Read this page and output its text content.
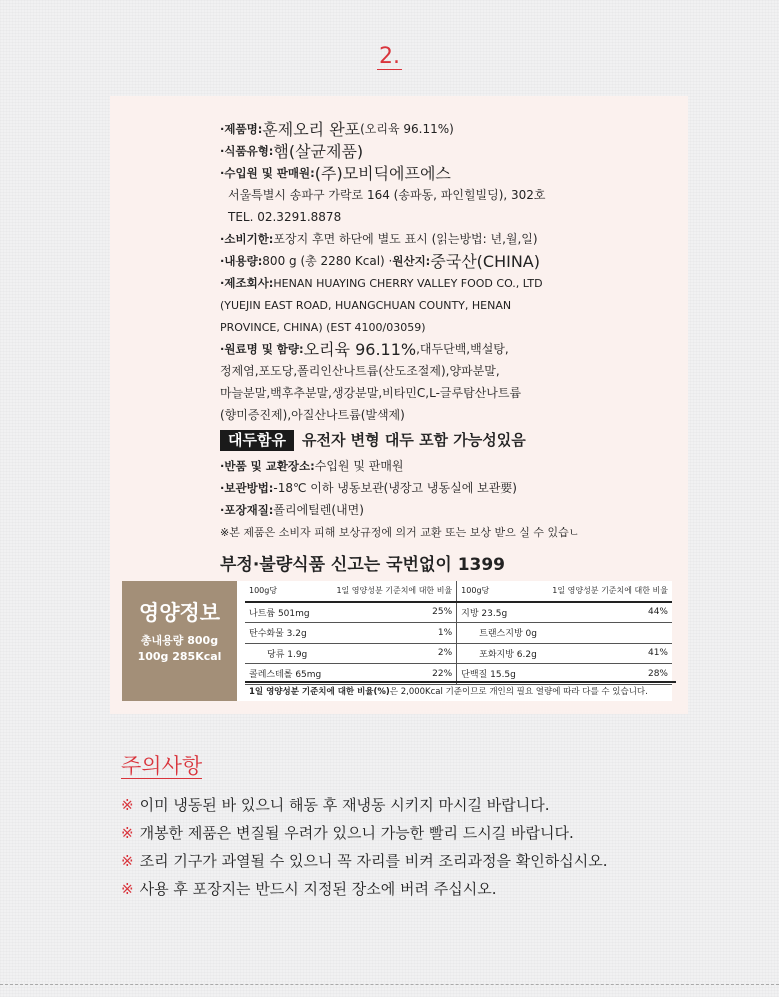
2.
·제품명: 훈제오리 완포 (오리육 96.11%)
·식품유형: 햄(살균제품)
·수입원 및 판매원: (주)모비딕에프에스
서울특별시 송파구 가락로 164 (송파동, 파인힐빌딩), 302호
TEL. 02.3291.8878
·소비기한: 포장지 후면 하단에 별도 표시 (읽는방법: 년,월,일)
·내용량: 800 g (총 2280 Kcal) · 원산지: 중국산(CHINA)
·제조회사: HENAN HUAYING CHERRY VALLEY FOOD CO., LTD
(YUEJIN EAST ROAD, HUANGCHUAN COUNTY, HENAN
PROVINCE, CHINA) (EST 4100/03059)
·원료명 및 함량: 오리육 96.11% ,대두단백,백설탕,
정제염,포도당,폴리인산나트륨(산도조절제),양파분말,
마늘분말,백후추분말,생강분말,비타민C,L-글루탐산나트륨
(향미증진제),아질산나트륨(발색제)
대두함유	유전자 변형 대두 포함 가능성있음
·반품 및 교환장소: 수입원 및 판매원
·보관방법: -18℃ 이하 냉동보관(냉장고 냉동실에 보관要)
·포장재질: 폴리에틸렌(내면)
※본 제품은 소비자 피해 보상규정에 의거 교환 또는 보상 받으 실 수 있습ㄴ
부정·불량식품 신고는 국번없이 1399
영양정보
총내용량 800g
100g 285Kcal
100g당	1일 영양성분 기준치에 대한 비율	100g당	1일 영양성분 기준치에 대한 비율
나트륨 501mg	25%	지방 23.5g	44%
탄수화물 3.2g	1%	트랜스지방 0g	
당류 1.9g	2%	포화지방 6.2g	41%
콜레스테롤 65mg	22%	단백질 15.5g	28%
1일 영양성분 기준치에 대한 비율(%)은 2,000Kcal 기준이므로 개인의 필요 열량에 따라 다를 수 있습니다.
주의사항
※ 이미 냉동된 바 있으니 해동 후 재냉동 시키지 마시길 바랍니다.
※ 개봉한 제품은 변질될 우려가 있으니 가능한 빨리 드시길 바랍니다.
※ 조리 기구가 과열될 수 있으니 꼭 자리를 비켜 조리과정을 확인하십시오.
※ 사용 후 포장지는 반드시 지정된 장소에 버려 주십시오.
